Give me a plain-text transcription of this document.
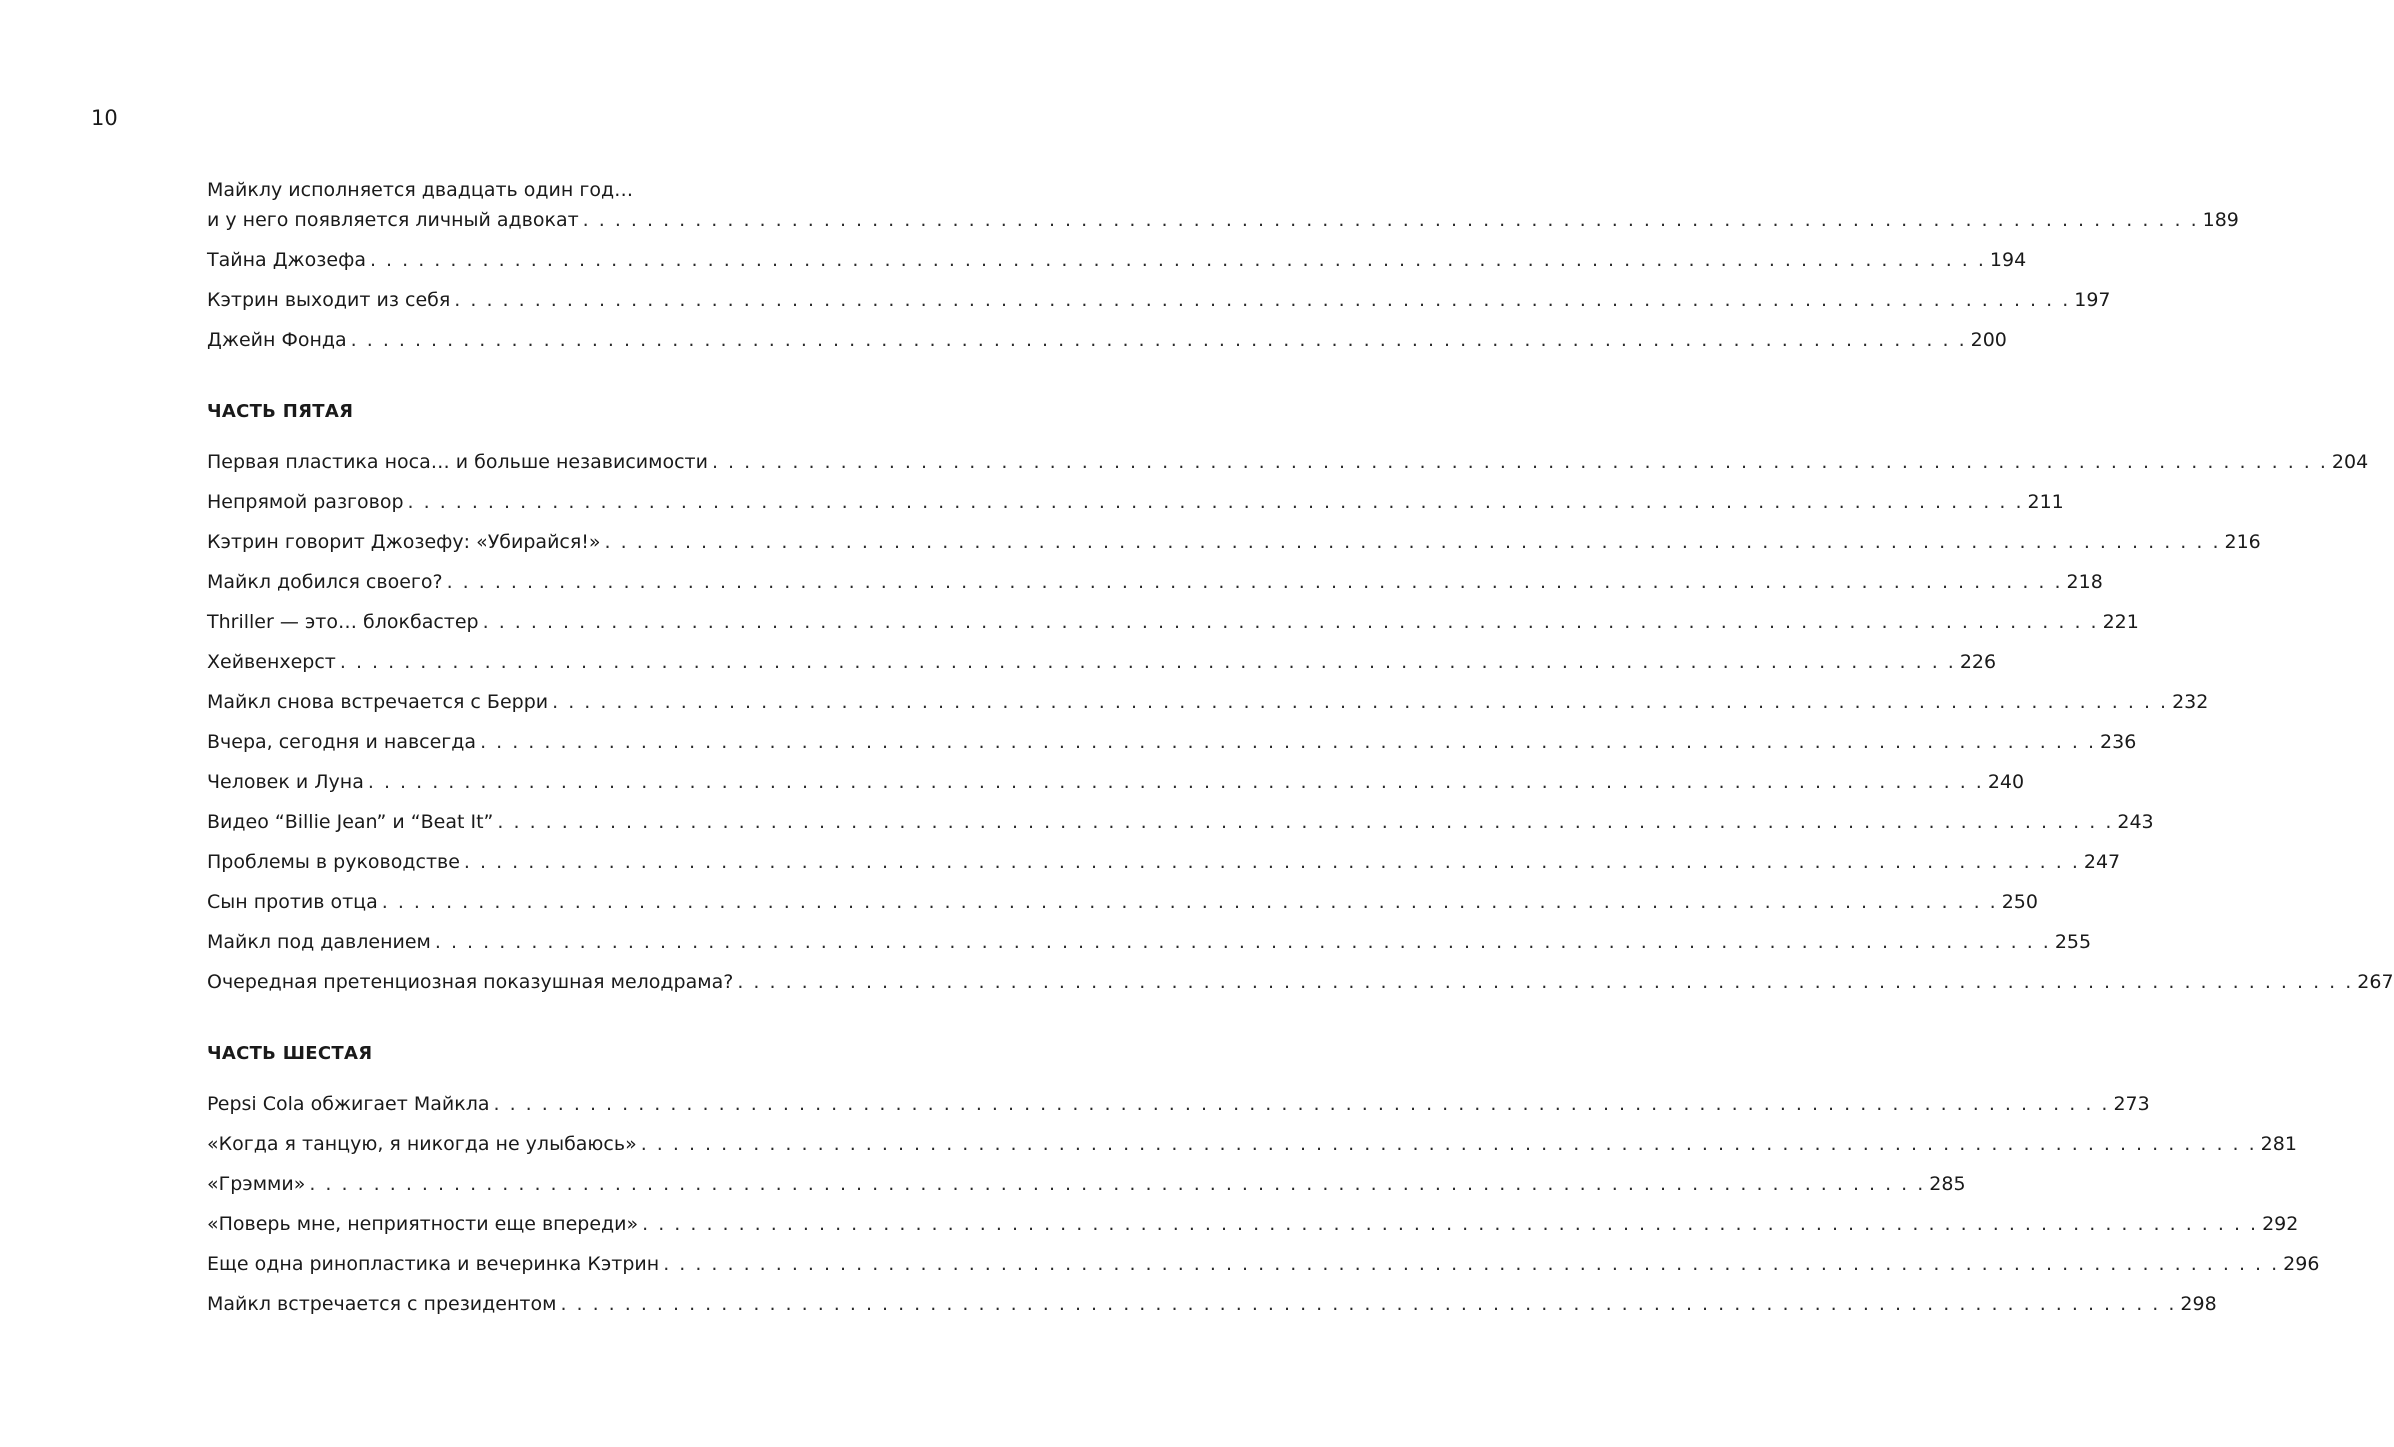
10
Майклу исполняется двадцать один год…
и у него появляется личный адвокат . . . . . . . . . . . . . . . . . . . . . . . . . . . . . . . . . . . . . . . . . . . . . . . . . . . . . . . . . . . . . . . . . . . . . . . . . . . . . . . . . . . . . . . . . . . . . . . . . . . . . 189
Тайна Джозефа . . . . . . . . . . . . . . . . . . . . . . . . . . . . . . . . . . . . . . . . . . . . . . . . . . . . . . . . . . . . . . . . . . . . . . . . . . . . . . . . . . . . . . . . . . . . . . . . . . . . . 194
Кэтрин выходит из себя . . . . . . . . . . . . . . . . . . . . . . . . . . . . . . . . . . . . . . . . . . . . . . . . . . . . . . . . . . . . . . . . . . . . . . . . . . . . . . . . . . . . . . . . . . . . . . . . . . . . . 197
Джейн Фонда . . . . . . . . . . . . . . . . . . . . . . . . . . . . . . . . . . . . . . . . . . . . . . . . . . . . . . . . . . . . . . . . . . . . . . . . . . . . . . . . . . . . . . . . . . . . . . . . . . . . . 200
ЧАСТЬ ПЯТАЯ
Первая пластика носа… и больше независимости . . . . . . . . . . . . . . . . . . . . . . . . . . . . . . . . . . . . . . . . . . . . . . . . . . . . . . . . . . . . . . . . . . . . . . . . . . . . . . . . . . . . . . . . . . . . . . . . . . . . . 204
Непрямой разговор . . . . . . . . . . . . . . . . . . . . . . . . . . . . . . . . . . . . . . . . . . . . . . . . . . . . . . . . . . . . . . . . . . . . . . . . . . . . . . . . . . . . . . . . . . . . . . . . . . . . . 211
Кэтрин говорит Джозефу: «Убирайся!» . . . . . . . . . . . . . . . . . . . . . . . . . . . . . . . . . . . . . . . . . . . . . . . . . . . . . . . . . . . . . . . . . . . . . . . . . . . . . . . . . . . . . . . . . . . . . . . . . . . . . 216
Майкл добился своего? . . . . . . . . . . . . . . . . . . . . . . . . . . . . . . . . . . . . . . . . . . . . . . . . . . . . . . . . . . . . . . . . . . . . . . . . . . . . . . . . . . . . . . . . . . . . . . . . . . . . . 218
Thriller — это… блокбастер . . . . . . . . . . . . . . . . . . . . . . . . . . . . . . . . . . . . . . . . . . . . . . . . . . . . . . . . . . . . . . . . . . . . . . . . . . . . . . . . . . . . . . . . . . . . . . . . . . . . . 221
Хейвенхерст . . . . . . . . . . . . . . . . . . . . . . . . . . . . . . . . . . . . . . . . . . . . . . . . . . . . . . . . . . . . . . . . . . . . . . . . . . . . . . . . . . . . . . . . . . . . . . . . . . . . . 226
Майкл снова встречается с Берри . . . . . . . . . . . . . . . . . . . . . . . . . . . . . . . . . . . . . . . . . . . . . . . . . . . . . . . . . . . . . . . . . . . . . . . . . . . . . . . . . . . . . . . . . . . . . . . . . . . . . 232
Вчера, сегодня и навсегда . . . . . . . . . . . . . . . . . . . . . . . . . . . . . . . . . . . . . . . . . . . . . . . . . . . . . . . . . . . . . . . . . . . . . . . . . . . . . . . . . . . . . . . . . . . . . . . . . . . . . 236
Человек и Луна . . . . . . . . . . . . . . . . . . . . . . . . . . . . . . . . . . . . . . . . . . . . . . . . . . . . . . . . . . . . . . . . . . . . . . . . . . . . . . . . . . . . . . . . . . . . . . . . . . . . . 240
Видео “Billie Jean” и “Beat It” . . . . . . . . . . . . . . . . . . . . . . . . . . . . . . . . . . . . . . . . . . . . . . . . . . . . . . . . . . . . . . . . . . . . . . . . . . . . . . . . . . . . . . . . . . . . . . . . . . . . . 243
Проблемы в руководстве . . . . . . . . . . . . . . . . . . . . . . . . . . . . . . . . . . . . . . . . . . . . . . . . . . . . . . . . . . . . . . . . . . . . . . . . . . . . . . . . . . . . . . . . . . . . . . . . . . . . . 247
Сын против отца . . . . . . . . . . . . . . . . . . . . . . . . . . . . . . . . . . . . . . . . . . . . . . . . . . . . . . . . . . . . . . . . . . . . . . . . . . . . . . . . . . . . . . . . . . . . . . . . . . . . . 250
Майкл под давлением . . . . . . . . . . . . . . . . . . . . . . . . . . . . . . . . . . . . . . . . . . . . . . . . . . . . . . . . . . . . . . . . . . . . . . . . . . . . . . . . . . . . . . . . . . . . . . . . . . . . . 255
Очередная претенциозная показушная мелодрама? . . . . . . . . . . . . . . . . . . . . . . . . . . . . . . . . . . . . . . . . . . . . . . . . . . . . . . . . . . . . . . . . . . . . . . . . . . . . . . . . . . . . . . . . . . . . . . . . . . . . . 267
ЧАСТЬ ШЕСТАЯ
Pepsi Cola обжигает Майкла . . . . . . . . . . . . . . . . . . . . . . . . . . . . . . . . . . . . . . . . . . . . . . . . . . . . . . . . . . . . . . . . . . . . . . . . . . . . . . . . . . . . . . . . . . . . . . . . . . . . . 273
«Когда я танцую, я никогда не улыбаюсь» . . . . . . . . . . . . . . . . . . . . . . . . . . . . . . . . . . . . . . . . . . . . . . . . . . . . . . . . . . . . . . . . . . . . . . . . . . . . . . . . . . . . . . . . . . . . . . . . . . . . . 281
«Грэмми» . . . . . . . . . . . . . . . . . . . . . . . . . . . . . . . . . . . . . . . . . . . . . . . . . . . . . . . . . . . . . . . . . . . . . . . . . . . . . . . . . . . . . . . . . . . . . . . . . . . . . 285
«Поверь мне, неприятности еще впереди» . . . . . . . . . . . . . . . . . . . . . . . . . . . . . . . . . . . . . . . . . . . . . . . . . . . . . . . . . . . . . . . . . . . . . . . . . . . . . . . . . . . . . . . . . . . . . . . . . . . . . 292
Еще одна ринопластика и вечеринка Кэтрин . . . . . . . . . . . . . . . . . . . . . . . . . . . . . . . . . . . . . . . . . . . . . . . . . . . . . . . . . . . . . . . . . . . . . . . . . . . . . . . . . . . . . . . . . . . . . . . . . . . . . 296
Майкл встречается с президентом . . . . . . . . . . . . . . . . . . . . . . . . . . . . . . . . . . . . . . . . . . . . . . . . . . . . . . . . . . . . . . . . . . . . . . . . . . . . . . . . . . . . . . . . . . . . . . . . . . . . . 298
